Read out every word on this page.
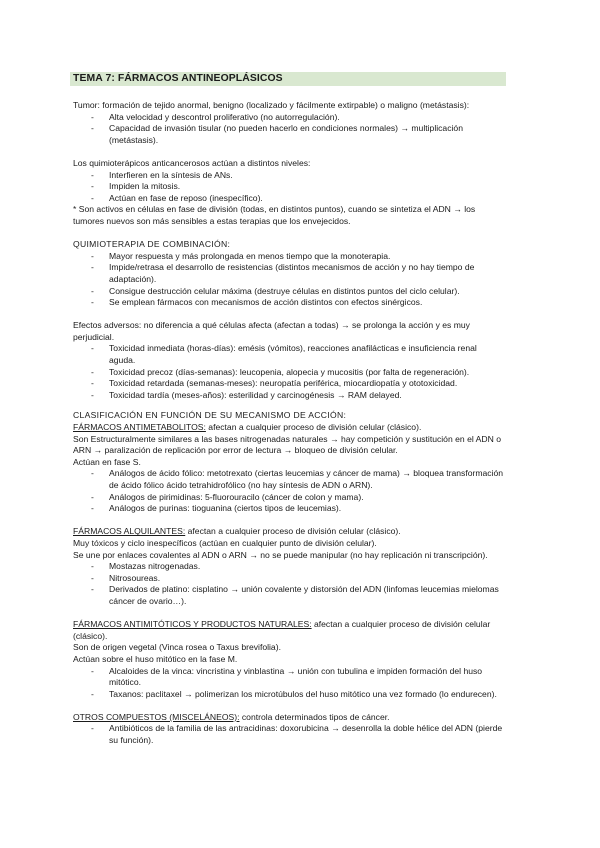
TEMA 7: FÁRMACOS ANTINEOPLÁSICOS

Tumor: formación de tejido anormal, benigno (localizado y fácilmente extirpable) o maligno (metástasis):

- Alta velocidad y descontrol proliferativo (no autorregulación).
- Capacidad de invasión tisular (no pueden hacerlo en condiciones normales) → multiplicación (metástasis).

Los quimioterápicos anticancerosos actúan a distintos niveles:

- Interfieren en la síntesis de ANs.
- Impiden la mitosis.
- Actúan en fase de reposo (inespecífico).

* Son activos en células en fase de división (todas, en distintos puntos), cuando se sintetiza el ADN → los tumores nuevos son más sensibles a estas terapias que los envejecidos.

QUIMIOTERAPIA DE COMBINACIÓN:

- Mayor respuesta y más prolongada en menos tiempo que la monoterapia.
- Impide/retrasa el desarrollo de resistencias (distintos mecanismos de acción y no hay tiempo de adaptación).
- Consigue destrucción celular máxima (destruye células en distintos puntos del ciclo celular).
- Se emplean fármacos con mecanismos de acción distintos con efectos sinérgicos.

Efectos adversos: no diferencia a qué células afecta (afectan a todas) → se prolonga la acción y es muy perjudicial.

- Toxicidad inmediata (horas-días): emésis (vómitos), reacciones anafilácticas e insuficiencia renal aguda.
- Toxicidad precoz (días-semanas): leucopenia, alopecia y mucositis (por falta de regeneración).
- Toxicidad retardada (semanas-meses): neuropatía periférica, miocardiopatía y ototoxicidad.
- Toxicidad tardía (meses-años): esterilidad y carcinogénesis → RAM delayed.

CLASIFICACIÓN EN FUNCIÓN DE SU MECANISMO DE ACCIÓN:

FÁRMACOS ANTIMETABOLITOS: afectan a cualquier proceso de división celular (clásico).

Son Estructuralmente similares a las bases nitrogenadas naturales → hay competición y sustitución en el ADN o ARN → paralización de replicación por error de lectura → bloqueo de división celular.

Actúan en fase S.

- Análogos de ácido fólico: metotrexato (ciertas leucemias y cáncer de mama) → bloquea transformación de ácido fólico ácido tetrahidrofólico (no hay síntesis de ADN o ARN).
- Análogos de pirimidinas: 5-fluorouracilo (cáncer de colon y mama).
- Análogos de purinas: tioguanina (ciertos tipos de leucemias).

FÁRMACOS ALQUILANTES: afectan a cualquier proceso de división celular (clásico).

Muy tóxicos y ciclo inespecíficos (actúan en cualquier punto de división celular).

Se une por enlaces covalentes al ADN o ARN → no se puede manipular (no hay replicación ni transcripción).

- Mostazas nitrogenadas.
- Nitrosoureas.
- Derivados de platino: cisplatino → unión covalente y distorsión del ADN (linfomas leucemias mielomas cáncer de ovario…).

FÁRMACOS ANTIMITÓTICOS Y PRODUCTOS NATURALES: afectan a cualquier proceso de división celular (clásico).

Son de origen vegetal (Vinca rosea o Taxus brevifolia).

Actúan sobre el huso mitótico en la fase M.

- Alcaloides de la vinca: vincristina y vinblastina → unión con tubulina e impiden formación del huso mitótico.
- Taxanos: paclitaxel → polimerizan los microtúbulos del huso mitótico una vez formado (lo endurecen).

OTROS COMPUESTOS (MISCELÁNEOS): controla determinados tipos de cáncer.

- Antibióticos de la familia de las antracidinas: doxorubicina → desenrolla la doble hélice del ADN (pierde su función).
